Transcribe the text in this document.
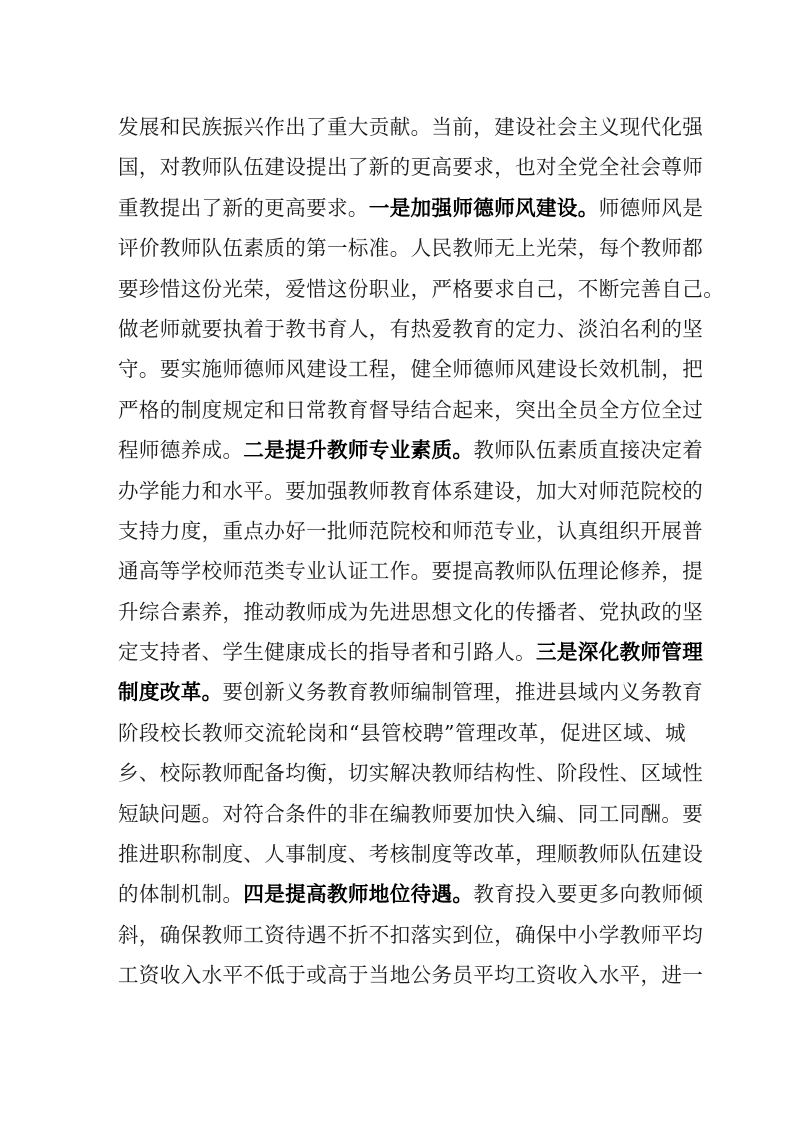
发展和民族振兴作出了重大贡献。当前，建设社会主义现代化强
国，对教师队伍建设提出了新的更高要求，也对全党全社会尊师
重教提出了新的更高要求。一是加强师德师风建设。师德师风是
评价教师队伍素质的第一标准。人民教师无上光荣，每个教师都
要珍惜这份光荣，爱惜这份职业，严格要求自己，不断完善自己。
做老师就要执着于教书育人，有热爱教育的定力、淡泊名利的坚
守。要实施师德师风建设工程，健全师德师风建设长效机制，把
严格的制度规定和日常教育督导结合起来，突出全员全方位全过
程师德养成。二是提升教师专业素质。教师队伍素质直接决定着
办学能力和水平。要加强教师教育体系建设，加大对师范院校的
支持力度，重点办好一批师范院校和师范专业，认真组织开展普
通高等学校师范类专业认证工作。要提高教师队伍理论修养，提
升综合素养，推动教师成为先进思想文化的传播者、党执政的坚
定支持者、学生健康成长的指导者和引路人。三是深化教师管理
制度改革。要创新义务教育教师编制管理，推进县域内义务教育
阶段校长教师交流轮岗和“县管校聘”管理改革，促进区域、城
乡、校际教师配备均衡，切实解决教师结构性、阶段性、区域性
短缺问题。对符合条件的非在编教师要加快入编、同工同酬。要
推进职称制度、人事制度、考核制度等改革，理顺教师队伍建设
的体制机制。四是提高教师地位待遇。教育投入要更多向教师倾
斜，确保教师工资待遇不折不扣落实到位，确保中小学教师平均
工资收入水平不低于或高于当地公务员平均工资收入水平，进一
